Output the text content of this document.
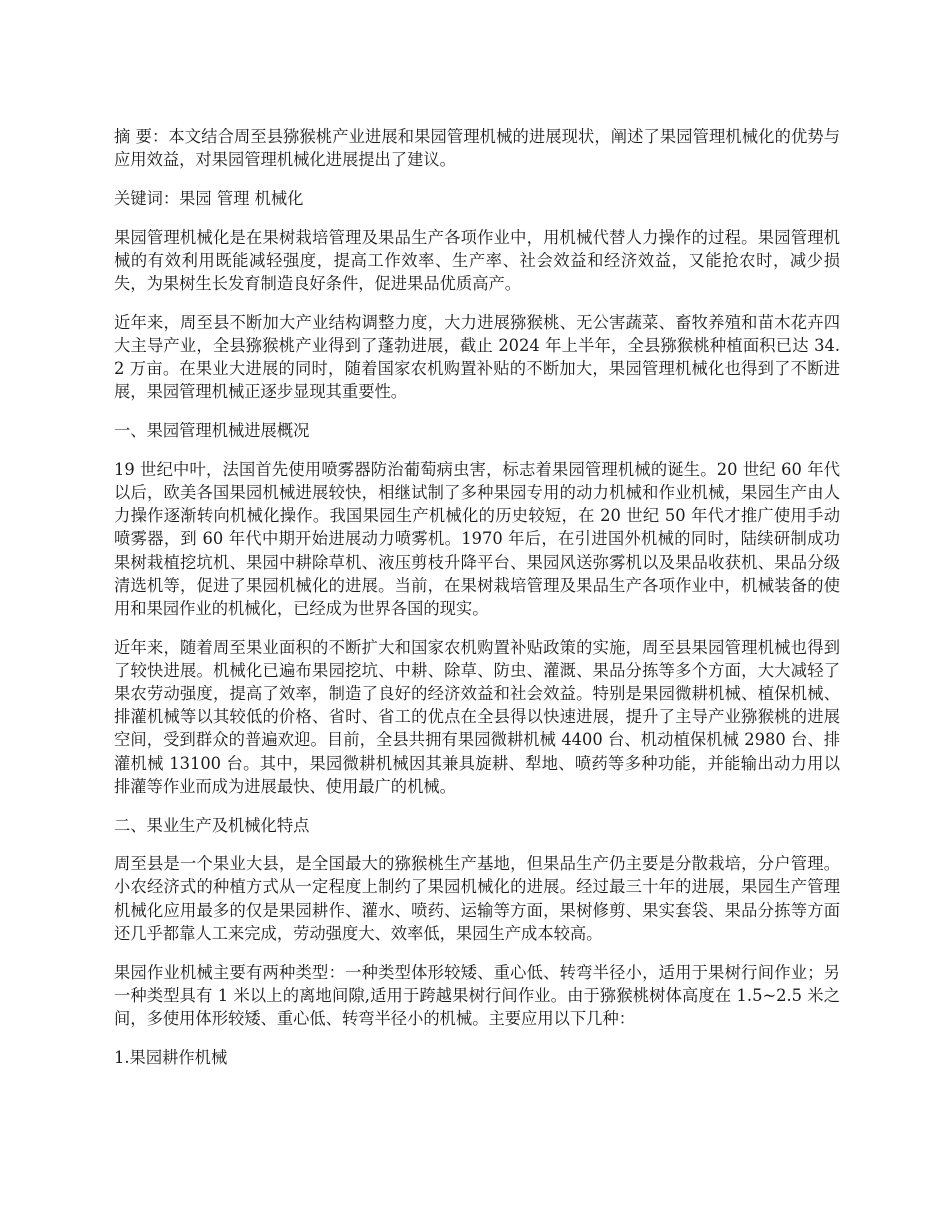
摘 要：本文结合周至县猕猴桃产业进展和果园管理机械的进展现状，阐述了果园管理机械化的优势与应用效益，对果园管理机械化进展提出了建议。

关键词：果园 管理 机械化

果园管理机械化是在果树栽培管理及果品生产各项作业中，用机械代替人力操作的过程。果园管理机械的有效利用既能减轻强度，提高工作效率、生产率、社会效益和经济效益，又能抢农时，减少损失，为果树生长发育制造良好条件，促进果品优质高产。

近年来，周至县不断加大产业结构调整力度，大力进展猕猴桃、无公害蔬菜、畜牧养殖和苗木花卉四大主导产业，全县猕猴桃产业得到了蓬勃进展，截止 2024 年上半年，全县猕猴桃种植面积已达 34.2 万亩。在果业大进展的同时，随着国家农机购置补贴的不断加大，果园管理机械化也得到了不断进展，果园管理机械正逐步显现其重要性。

一、果园管理机械进展概况

19 世纪中叶，法国首先使用喷雾器防治葡萄病虫害，标志着果园管理机械的诞生。20 世纪 60 年代以后，欧美各国果园机械进展较快，相继试制了多种果园专用的动力机械和作业机械，果园生产由人力操作逐渐转向机械化操作。我国果园生产机械化的历史较短，在 20 世纪 50 年代才推广使用手动喷雾器，到 60 年代中期开始进展动力喷雾机。1970 年后，在引进国外机械的同时，陆续研制成功果树栽植挖坑机、果园中耕除草机、液压剪枝升降平台、果园风送弥雾机以及果品收获机、果品分级清选机等，促进了果园机械化的进展。当前，在果树栽培管理及果品生产各项作业中，机械装备的使用和果园作业的机械化，已经成为世界各国的现实。

近年来，随着周至果业面积的不断扩大和国家农机购置补贴政策的实施，周至县果园管理机械也得到了较快进展。机械化已遍布果园挖坑、中耕、除草、防虫、灌溉、果品分拣等多个方面，大大减轻了果农劳动强度，提高了效率，制造了良好的经济效益和社会效益。特别是果园微耕机械、植保机械、排灌机械等以其较低的价格、省时、省工的优点在全县得以快速进展，提升了主导产业猕猴桃的进展空间，受到群众的普遍欢迎。目前，全县共拥有果园微耕机械 4400 台、机动植保机械 2980 台、排灌机械 13100 台。其中，果园微耕机械因其兼具旋耕、犁地、喷药等多种功能，并能输出动力用以排灌等作业而成为进展最快、使用最广的机械。

二、果业生产及机械化特点

周至县是一个果业大县，是全国最大的猕猴桃生产基地，但果品生产仍主要是分散栽培，分户管理。小农经济式的种植方式从一定程度上制约了果园机械化的进展。经过最三十年的进展，果园生产管理机械化应用最多的仅是果园耕作、灌水、喷药、运输等方面，果树修剪、果实套袋、果品分拣等方面还几乎都靠人工来完成，劳动强度大、效率低，果园生产成本较高。

果园作业机械主要有两种类型：一种类型体形较矮、重心低、转弯半径小，适用于果树行间作业；另一种类型具有 1 米以上的离地间隙,适用于跨越果树行间作业。由于猕猴桃树体高度在 1.5~2.5 米之间，多使用体形较矮、重心低、转弯半径小的机械。主要应用以下几种：

1.果园耕作机械
